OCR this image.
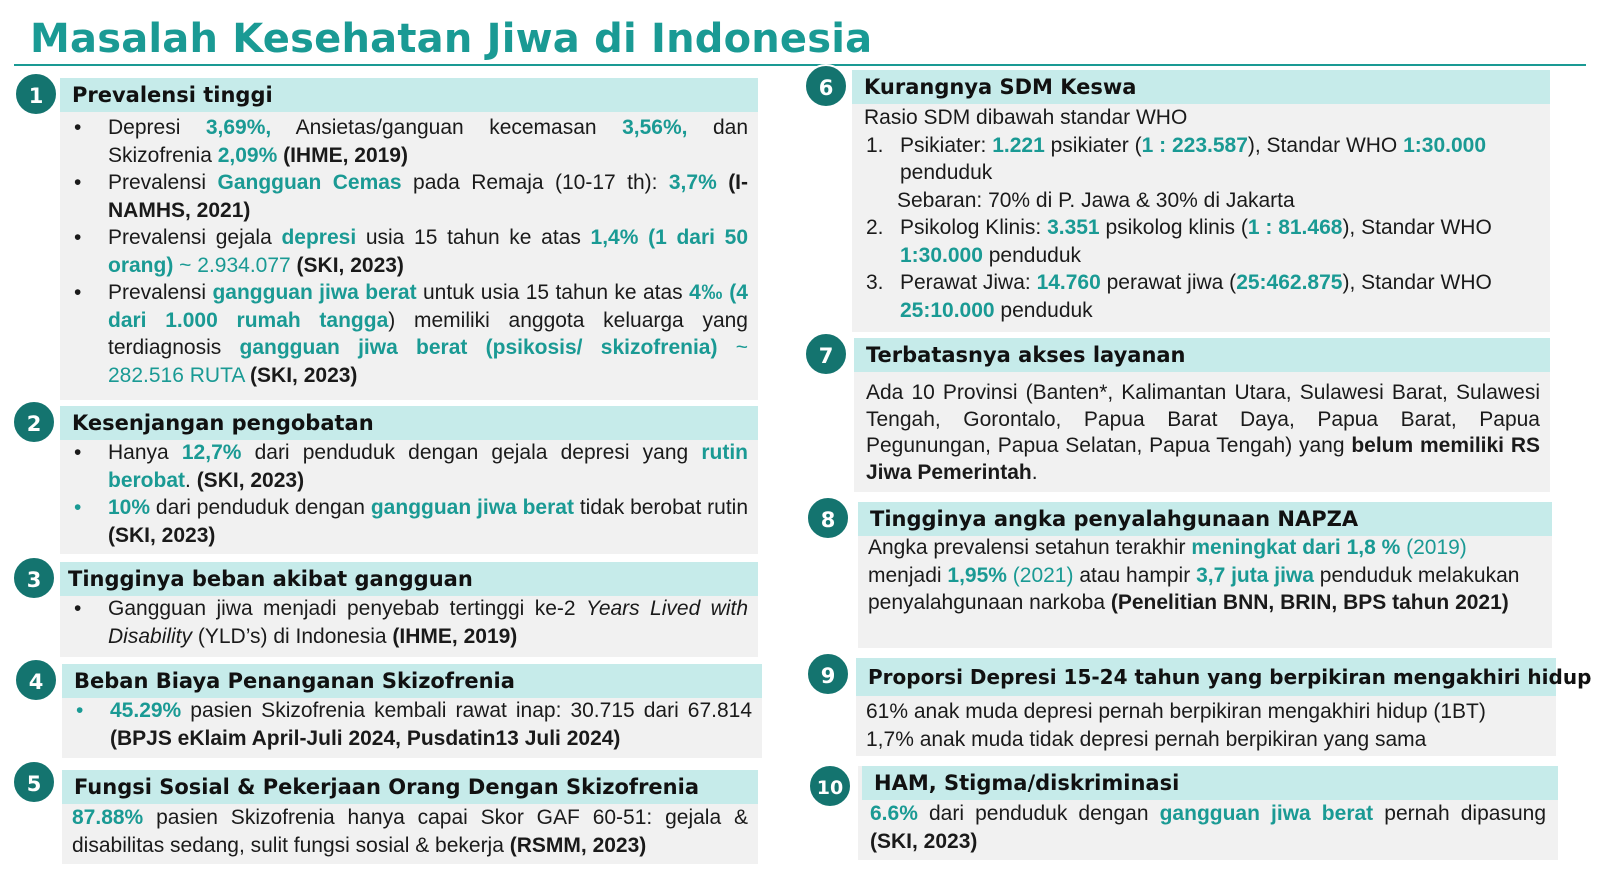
Masalah Kesehatan Jiwa di Indonesia
Prevalensi tinggi
• Depresi 3,69%, Ansietas/ganguan kecemasan 3,56%, dan Skizofrenia 2,09% (IHME, 2019)
• Prevalensi Gangguan Cemas pada Remaja (10-17 th): 3,7% (I-NAMHS, 2021)
• Prevalensi gejala depresi usia 15 tahun ke atas 1,4% (1 dari 50 orang) ~ 2.934.077 (SKI, 2023)
• Prevalensi gangguan jiwa berat untuk usia 15 tahun ke atas 4‰ (4 dari 1.000 rumah tangga) memiliki anggota keluarga yang terdiagnosis gangguan jiwa berat (psikosis/ skizofrenia) ~ 282.516 RUTA (SKI, 2023)
1
Kesenjangan pengobatan
• Hanya 12,7% dari penduduk dengan gejala depresi yang rutin berobat. (SKI, 2023)
• 10% dari penduduk dengan gangguan jiwa berat tidak berobat rutin (SKI, 2023)
2
Tingginya beban akibat gangguan
• Gangguan jiwa menjadi penyebab tertinggi ke-2 Years Lived with Disability (YLD’s) di Indonesia (IHME, 2019)
3
Beban Biaya Penanganan Skizofrenia
• 45.29% pasien Skizofrenia kembali rawat inap: 30.715 dari 67.814 (BPJS eKlaim April-Juli 2024, Pusdatin13 Juli 2024)
4
Fungsi Sosial & Pekerjaan Orang Dengan Skizofrenia
87.88% pasien Skizofrenia hanya capai Skor GAF 60-51: gejala & disabilitas sedang, sulit fungsi sosial & bekerja (RSMM, 2023)
5
Kurangnya SDM Keswa
Rasio SDM dibawah standar WHO
1. Psikiater: 1.221 psikiater (1 : 223.587), Standar WHO 1:30.000 penduduk
Sebaran: 70% di P. Jawa & 30% di Jakarta
2. Psikolog Klinis: 3.351 psikolog klinis (1 : 81.468), Standar WHO 1:30.000 penduduk
3. Perawat Jiwa: 14.760 perawat jiwa (25:462.875), Standar WHO 25:10.000 penduduk
6
Terbatasnya akses layanan
Ada 10 Provinsi (Banten*, Kalimantan Utara, Sulawesi Barat, Sulawesi Tengah, Gorontalo, Papua Barat Daya, Papua Barat, Papua Pegunungan, Papua Selatan, Papua Tengah) yang belum memiliki RS Jiwa Pemerintah.
7
Tingginya angka penyalahgunaan NAPZA
Angka prevalensi setahun terakhir meningkat dari 1,8 % (2019) menjadi 1,95% (2021) atau hampir 3,7 juta jiwa penduduk melakukan penyalahgunaan narkoba (Penelitian BNN, BRIN, BPS tahun 2021)
8
Proporsi Depresi 15-24 tahun yang berpikiran mengakhiri hidup
61% anak muda depresi pernah berpikiran mengakhiri hidup (1BT)
1,7% anak muda tidak depresi pernah berpikiran yang sama
9
HAM, Stigma/diskriminasi
6.6% dari penduduk dengan gangguan jiwa berat pernah dipasung (SKI, 2023)
10
